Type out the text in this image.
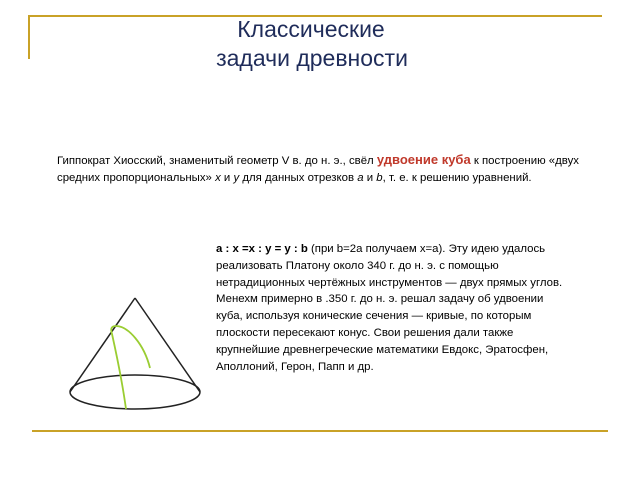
Классические
задачи древности
Гиппократ Хиосский, знаменитый геометр V в. до н. э., свёл удвоение куба к построению «двух средних пропорциональных» x и y для данных отрезков a и b, т. е. к решению уравнений.
а : х =х : у = у : b (при b=2a получаем x=a). Эту идею удалось реализовать Платону около 340 г. до н. э. с помощью нетрадиционных чертёжных инструментов — двух прямых углов. Менехм примерно в .350 г. до н. э. решал задачу об удвоении куба, используя конические сечения — кривые, по которым плоскости пересекают конус. Свои решения дали также крупнейшие древнегреческие математики Евдокс, Эратосфен, Аполлоний, Герон, Папп и др.
